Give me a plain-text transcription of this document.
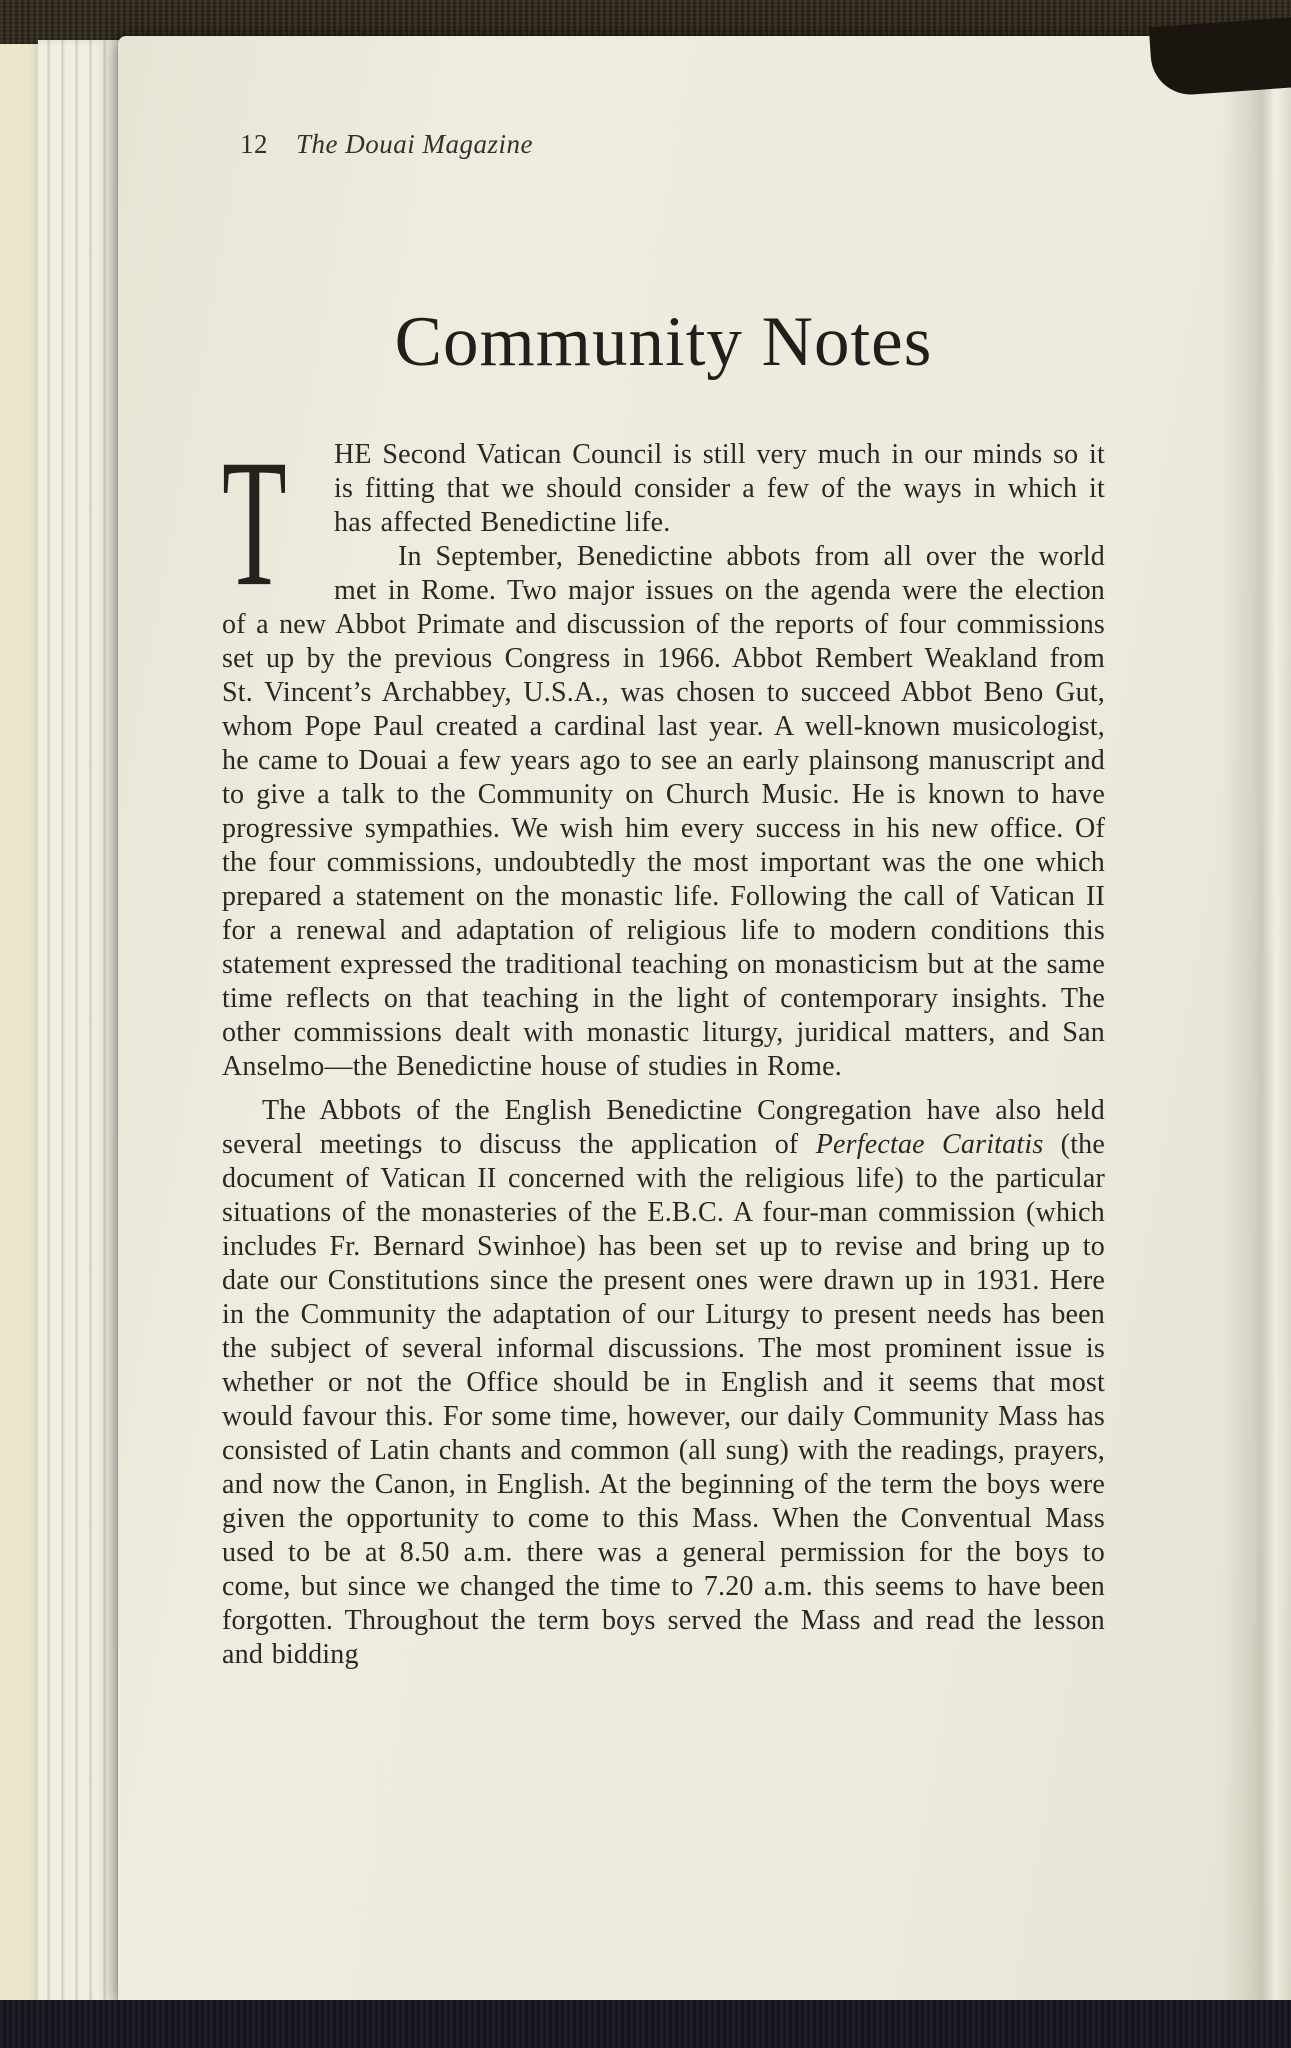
12 The Douai Magazine
Community Notes
T	HE Second Vatican Council is still very much in our minds so it is fitting that we should consider a few of the ways in which it has affected Benedictine life.

In September, Benedictine abbots from all over the world met in Rome. Two major issues on the agenda were the election of a new Abbot Primate and discussion of the reports of four commissions set up by the previous Congress in 1966. Abbot Rembert Weakland from St. Vincent’s Archabbey, U.S.A., was chosen to succeed Abbot Beno Gut, whom Pope Paul created a cardinal last year. A well-known musicologist, he came to Douai a few years ago to see an early plainsong manuscript and to give a talk to the Community on Church Music. He is known to have progressive sympathies. We wish him every success in his new office. Of the four commissions, undoubtedly the most important was the one which prepared a statement on the monastic life. Following the call of Vatican II for a renewal and adaptation of religious life to modern conditions this statement expressed the traditional teaching on monasticism but at the same time reflects on that teaching in the light of contemporary insights. The other commissions dealt with monastic liturgy, juridical matters, and San Anselmo—the Benedictine house of studies in Rome.

The Abbots of the English Benedictine Congregation have also held several meetings to discuss the application of Perfectae Caritatis (the document of Vatican II concerned with the religious life) to the particular situations of the monasteries of the E.B.C. A four-man commission (which includes Fr. Bernard Swinhoe) has been set up to revise and bring up to date our Constitutions since the present ones were drawn up in 1931. Here in the Community the adaptation of our Liturgy to present needs has been the subject of several informal discussions. The most prominent issue is whether or not the Office should be in English and it seems that most would favour this. For some time, however, our daily Community Mass has consisted of Latin chants and common (all sung) with the readings, prayers, and now the Canon, in English. At the beginning of the term the boys were given the opportunity to come to this Mass. When the Conventual Mass used to be at 8.50 a.m. there was a general permission for the boys to come, but since we changed the time to 7.20 a.m. this seems to have been forgotten. Throughout the term boys served the Mass and read the lesson and bidding
